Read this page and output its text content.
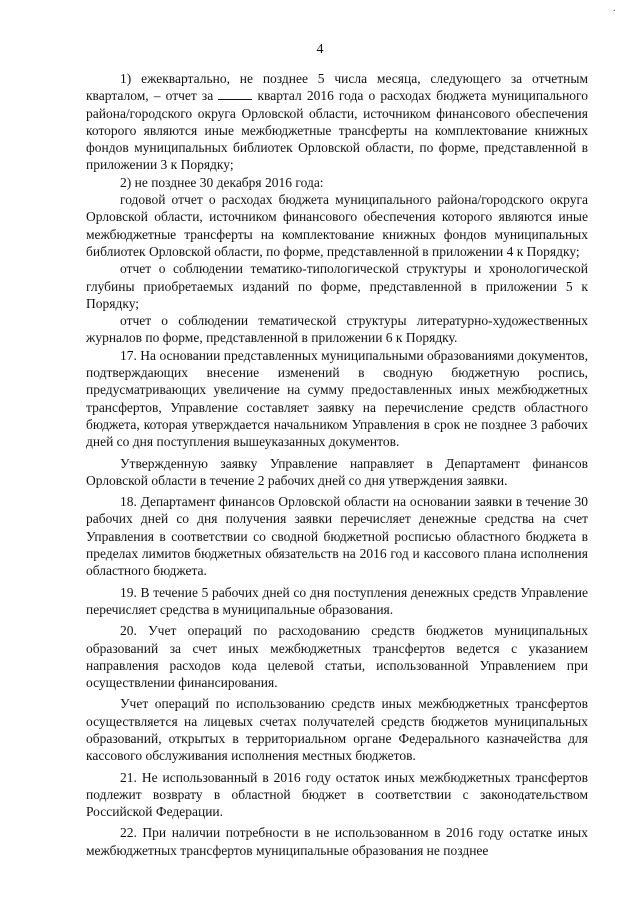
·
4

1) ежеквартально, не позднее 5 числа месяца, следующего за отчетным кварталом, – отчет за	квартал 2016 года о расходах бюджета муниципального района/городского округа Орловской области, источником финансового обеспечения которого являются иные межбюджетные трансферты на комплектование книжных фондов муниципальных библиотек Орловской области, по форме, представленной в приложении 3 к Порядку;

2) не позднее 30 декабря 2016 года:

годовой отчет о расходах бюджета муниципального района/городского округа Орловской области, источником финансового обеспечения которого являются иные межбюджетные трансферты на комплектование книжных фондов муниципальных библиотек Орловской области, по форме, представленной в приложении 4 к Порядку;

отчет о соблюдении тематико-типологической структуры и хронологической глубины приобретаемых изданий по форме, представленной в приложении 5 к Порядку;

отчет о соблюдении тематической структуры литературно-художественных журналов по форме, представленной в приложении 6 к Порядку.

17. На основании представленных муниципальными образованиями документов, подтверждающих внесение изменений в сводную бюджетную роспись, предусматривающих увеличение на сумму предоставленных иных межбюджетных трансфертов, Управление составляет заявку на перечисление средств областного бюджета, которая утверждается начальником Управления в срок не позднее 3 рабочих дней со дня поступления вышеуказанных документов.

Утвержденную заявку Управление направляет в Департамент финансов Орловской области в течение 2 рабочих дней со дня утверждения заявки.

18. Департамент финансов Орловской области на основании заявки в течение 30 рабочих дней со дня получения заявки перечисляет денежные средства на счет Управления в соответствии со сводной бюджетной росписью областного бюджета в пределах лимитов бюджетных обязательств на 2016 год и кассового плана исполнения областного бюджета.

19. В течение 5 рабочих дней со дня поступления денежных средств Управление перечисляет средства в муниципальные образования.

20. Учет операций по расходованию средств бюджетов муниципальных образований за счет иных межбюджетных трансфертов ведется с указанием направления расходов кода целевой статьи, использованной Управлением при осуществлении финансирования.

Учет операций по использованию средств иных межбюджетных трансфертов осуществляется на лицевых счетах получателей средств бюджетов муниципальных образований, открытых в территориальном органе Федерального казначейства для кассового обслуживания исполнения местных бюджетов.

21. Не использованный в 2016 году остаток иных межбюджетных трансфертов подлежит возврату в областной бюджет в соответствии с законодательством Российской Федерации.

22. При наличии потребности в не использованном в 2016 году остатке иных межбюджетных трансфертов муниципальные образования не позднее
